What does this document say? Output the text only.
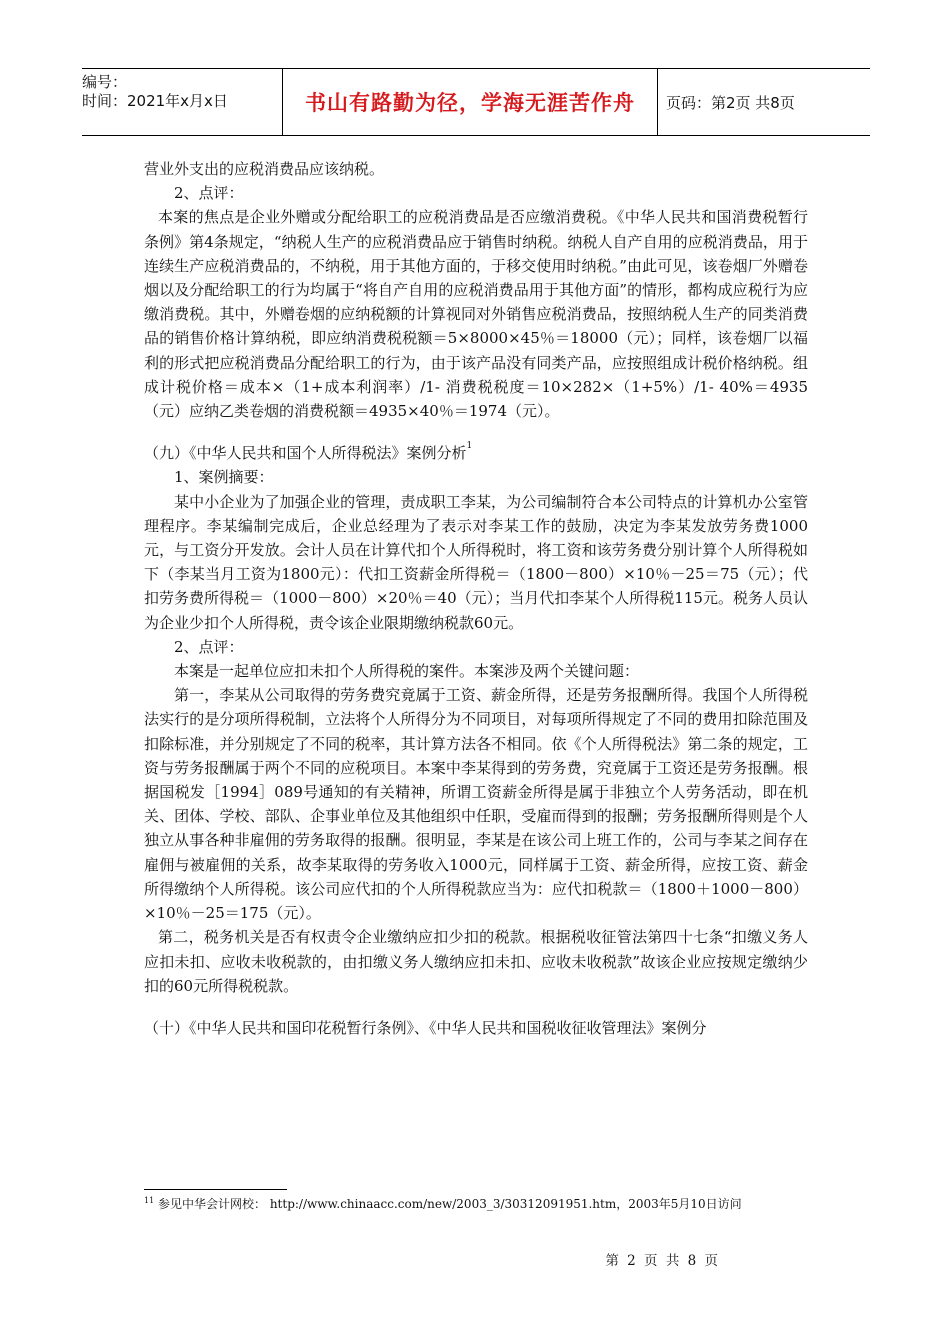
编号：
时间：2021年x月x日	书山有路勤为径，学海无涯苦作舟	页码：第2页 共8页

营业外支出的应税消费品应该纳税。

2、点评：

本案的焦点是企业外赠或分配给职工的应税消费品是否应缴消费税。《中华人民共和国消费税暂行条例》第4条规定，“纳税人生产的应税消费品应于销售时纳税。纳税人自产自用的应税消费品，用于连续生产应税消费品的，不纳税，用于其他方面的，于移交使用时纳税。”由此可见，该卷烟厂外赠卷烟以及分配给职工的行为均属于“将自产自用的应税消费品用于其他方面”的情形，都构成应税行为应缴消费税。其中，外赠卷烟的应纳税额的计算视同对外销售应税消费品，按照纳税人生产的同类消费品的销售价格计算纳税，即应纳消费税税额＝5×8000×45％＝18000（元）；同样，该卷烟厂以福利的形式把应税消费品分配给职工的行为，由于该产品没有同类产品，应按照组成计税价格纳税。组成计税价格＝成本×（1+成本利润率）/1- 消费税税度＝10×282×（1+5%）/1- 40%＝4935（元）应纳乙类卷烟的消费税额＝4935×40％＝1974（元）。

（九）《中华人民共和国个人所得税法》案例分析$^1$

1、案例摘要：

某中小企业为了加强企业的管理，责成职工李某，为公司编制符合本公司特点的计算机办公室管理程序。李某编制完成后，企业总经理为了表示对李某工作的鼓励，决定为李某发放劳务费1000元，与工资分开发放。会计人员在计算代扣个人所得税时，将工资和该劳务费分别计算个人所得税如下（李某当月工资为1800元）：代扣工资薪金所得税＝（1800－800）×10％－25＝75（元）；代扣劳务费所得税＝（1000－800）×20％＝40（元）；当月代扣李某个人所得税115元。税务人员认为企业少扣个人所得税，责令该企业限期缴纳税款60元。

2、点评：

本案是一起单位应扣未扣个人所得税的案件。本案涉及两个关键问题：

第一，李某从公司取得的劳务费究竟属于工资、薪金所得，还是劳务报酬所得。我国个人所得税法实行的是分项所得税制，立法将个人所得分为不同项目，对每项所得规定了不同的费用扣除范围及扣除标准，并分别规定了不同的税率，其计算方法各不相同。依《个人所得税法》第二条的规定，工资与劳务报酬属于两个不同的应税项目。本案中李某得到的劳务费，究竟属于工资还是劳务报酬。根据国税发［1994］089号通知的有关精神，所谓工资薪金所得是属于非独立个人劳务活动，即在机关、团体、学校、部队、企事业单位及其他组织中任职，受雇而得到的报酬；劳务报酬所得则是个人独立从事各种非雇佣的劳务取得的报酬。很明显，李某是在该公司上班工作的，公司与李某之间存在雇佣与被雇佣的关系，故李某取得的劳务收入1000元，同样属于工资、薪金所得，应按工资、薪金所得缴纳个人所得税。该公司应代扣的个人所得税款应当为：应代扣税款＝（1800＋1000－800）×10％－25＝175（元）。

第二，税务机关是否有权责令企业缴纳应扣少扣的税款。根据税收征管法第四十七条“扣缴义务人应扣未扣、应收未收税款的，由扣缴义务人缴纳应扣未扣、应收未收税款”故该企业应按规定缴纳少扣的60元所得税税款。

（十）《中华人民共和国印花税暂行条例》、《中华人民共和国税收征收管理法》案例分

$^{11}$ 参见中华会计网校： http://www.chinaacc.com/new/2003_3/30312091951.htm，2003年5月10日访问
第 2 页 共 8 页
